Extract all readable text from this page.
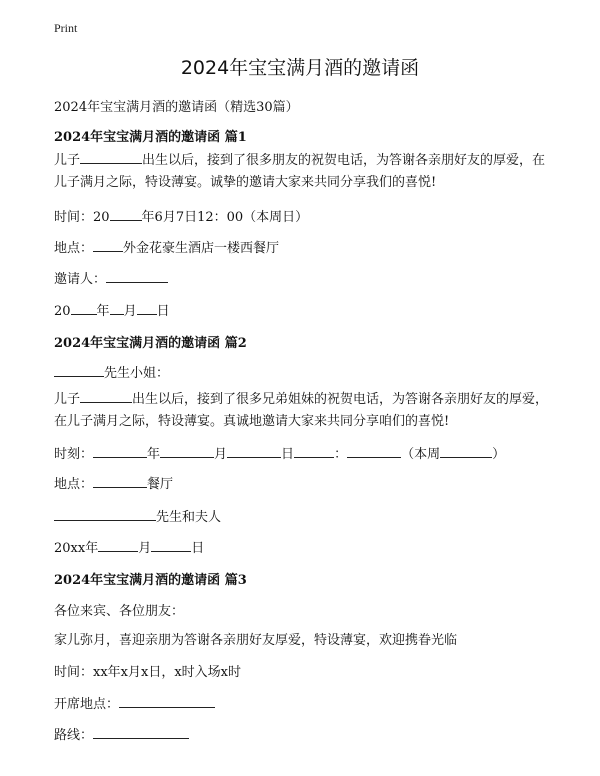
Print
2024年宝宝满月酒的邀请函
2024年宝宝满月酒的邀请函（精选30篇）
2024年宝宝满月酒的邀请函 篇1
儿子	出生以后，接到了很多朋友的祝贺电话，为答谢各亲朋好友的厚爱，在儿子满月之际，特设薄宴。诚挚的邀请大家来共同分享我们的喜悦!
时间：20 年6月7日12：00（本周日）
地点： 外金花豪生酒店一楼西餐厅
邀请人：
20 年 月 日
2024年宝宝满月酒的邀请函 篇2
先生小姐：
儿子	出生以后，接到了很多兄弟姐妹的祝贺电话，为答谢各亲朋好友的厚爱，在儿子满月之际，特设薄宴。真诚地邀请大家来共同分享咱们的喜悦!
时刻：	年	月	日	：	（本周	）
地点：	餐厅
先生和夫人
20xx年	月	日
2024年宝宝满月酒的邀请函 篇3
各位来宾、各位朋友：
家儿弥月，喜迎亲朋为答谢各亲朋好友厚爱，特设薄宴，欢迎携眷光临
时间：xx年x月x日，x时入场x时
开席地点：
路线：
